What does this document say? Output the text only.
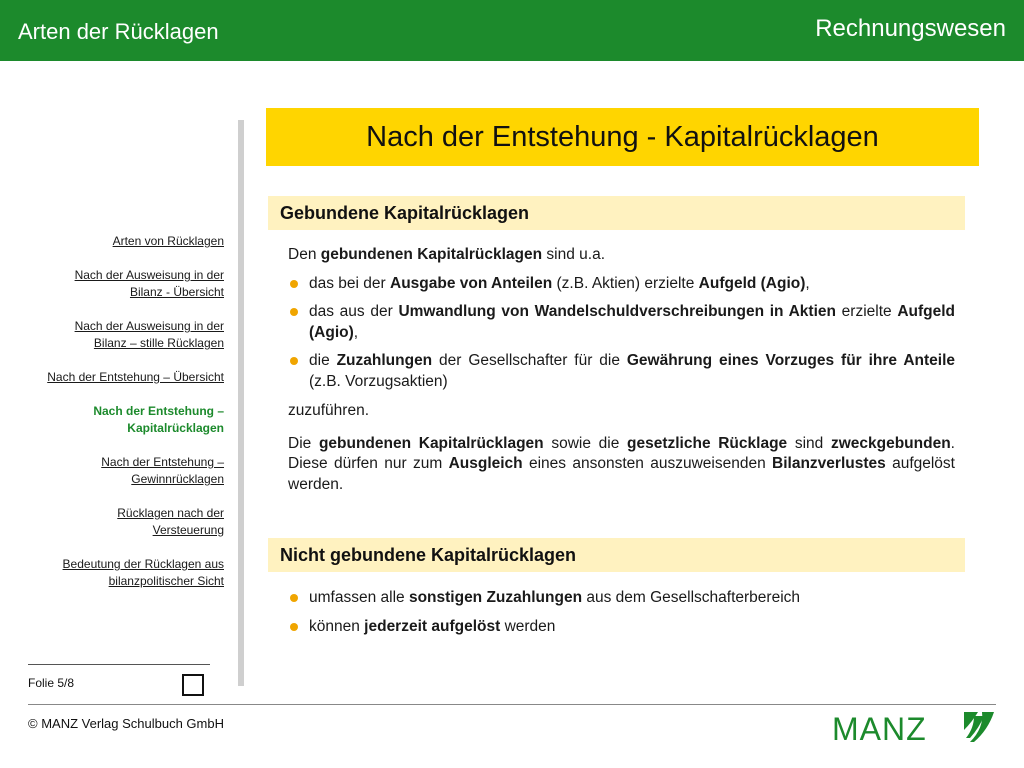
Arten der Rücklagen	Rechnungswesen
Arten von Rücklagen
Nach der Ausweisung in der
Bilanz - Übersicht
Nach der Ausweisung in der
Bilanz – stille Rücklagen
Nach der Entstehung – Übersicht
Nach der Entstehung –
Kapitalrücklagen
Nach der Entstehung –
Gewinnrücklagen
Rücklagen nach der
Versteuerung
Bedeutung der Rücklagen aus
bilanzpolitischer Sicht
Nach der Entstehung - Kapitalrücklagen
Gebundene Kapitalrücklagen

Den gebundenen Kapitalrücklagen sind u.a.

das bei der Ausgabe von Anteilen (z.B. Aktien) erzielte Aufgeld (Agio),
das aus der Umwandlung von Wandelschuldverschreibungen in Aktien erzielte Aufgeld (Agio),
die Zuzahlungen der Gesellschafter für die Gewährung eines Vorzuges für ihre Anteile (z.B. Vorzugsaktien)

zuzuführen.

Die gebundenen Kapitalrücklagen sowie die gesetzliche Rücklage sind zweckgebunden. Diese dürfen nur zum Ausgleich eines ansonsten auszuweisenden Bilanzverlustes aufgelöst werden.

Nicht gebundene Kapitalrücklagen
umfassen alle sonstigen Zuzahlungen aus dem Gesellschafterbereich
können jederzeit aufgelöst werden
Folie 5/8
© MANZ Verlag Schulbuch GmbH	MANZ
